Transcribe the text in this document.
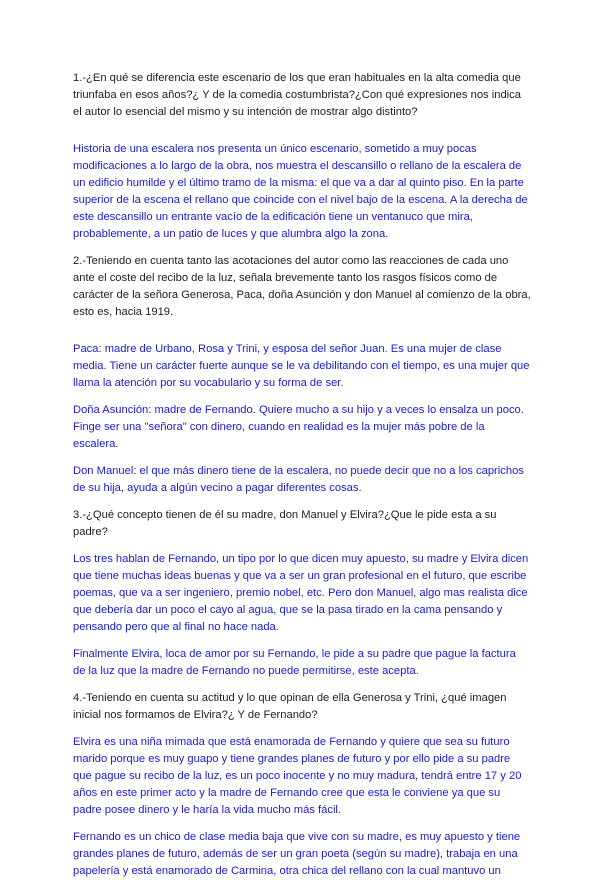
1.-¿En qué se diferencia este escenario de los que eran habituales en la alta comedia que triunfaba en esos años?¿ Y de la comedia costumbrista?¿Con qué expresiones nos indica el autor lo esencial del mismo y su intención de mostrar algo distinto?

Historia de una escalera nos presenta un único escenario, sometido a muy pocas modificaciones a lo largo de la obra, nos muestra el descansillo o rellano de la escalera de un edificio humilde y el último tramo de la misma: el que va a dar al quinto piso. En la parte superior de la escena el rellano que coincide con el nivel bajo de la escena. A la derecha de este descansillo un entrante vacío de la edificación tiene un ventanuco que mira, probablemente, a un patio de luces y que alumbra algo la zona.

2.-Teniendo en cuenta tanto las acotaciones del autor como las reacciones de cada uno ante el coste del recibo de la luz, señala brevemente tanto los rasgos físicos como de carácter de la señora Generosa, Paca, doña Asunción y don Manuel al comienzo de la obra, esto es, hacia 1919.

Paca: madre de Urbano, Rosa y Trini, y esposa del señor Juan. Es una mujer de clase media. Tiene un carácter fuerte aunque se le va debilitando con el tiempo, es una mujer que llama la atención por su vocabulario y su forma de ser.

Doña Asunción: madre de Fernando. Quiere mucho a su hijo y a veces lo ensalza un poco. Finge ser una "señora" con dinero, cuando en realidad es la mujer más pobre de la escalera.

Don Manuel: el que más dinero tiene de la escalera, no puede decir que no a los caprichos de su hija, ayuda a algún vecino a pagar diferentes cosas.

3.-¿Qué concepto tienen de él su madre, don Manuel y Elvira?¿Que le pide esta a su padre?

Los tres hablan de Fernando, un tipo por lo que dicen muy apuesto, su madre y Elvira dicen que tiene muchas ideas buenas y que va a ser un gran profesional en el futuro, que escribe poemas, que va a ser ingeniero, premio nobel, etc. Pero don Manuel, algo mas realista dice que debería dar un poco el cayo al agua, que se la pasa tirado en la cama pensando y pensando pero que al final no hace nada.

Finalmente Elvira, loca de amor por su Fernando, le pide a su padre que pague la factura de la luz que la madre de Fernando no puede permitirse, este acepta.

4.-Teniendo en cuenta su actitud y lo que opinan de ella Generosa y Trini, ¿qué imagen inicial nos formamos de Elvira?¿ Y de Fernando?

Elvira es una niña mimada que está enamorada de Fernando y quiere que sea su futuro marido porque es muy guapo y tiene grandes planes de futuro y por ello pide a su padre que pague su recibo de la luz, es un poco inocente y no muy madura, tendrá entre 17 y 20 años en este primer acto y la madre de Fernando cree que esta le conviene ya que su padre posee dinero y le haría la vida mucho más fácil.

Fernando es un chico de clase media baja que vive con su madre, es muy apuesto y tiene grandes planes de futuro, además de ser un gran poeta (según su madre), trabaja en una papelería y está enamorado de Carmina, otra chica del rellano con la cual mantuvo un
